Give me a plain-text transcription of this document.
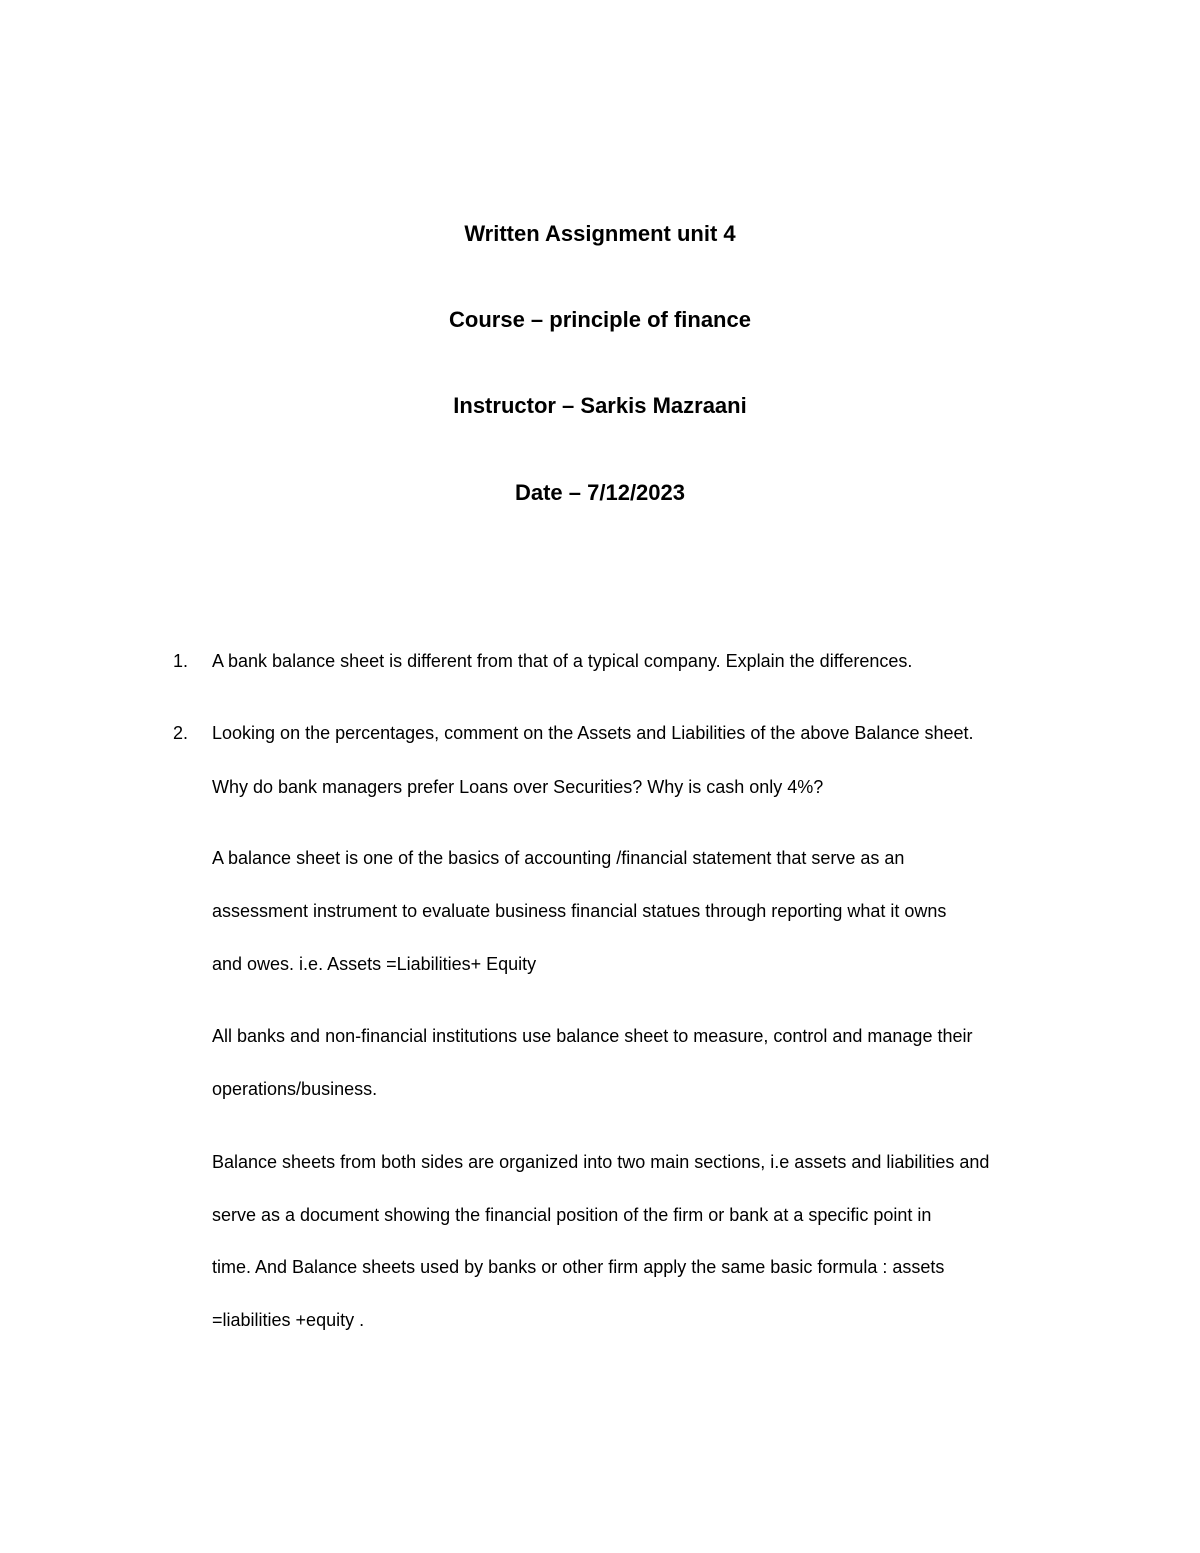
Written Assignment unit 4

Course – principle of finance

Instructor – Sarkis Mazraani

Date – 7/12/2023

1. A bank balance sheet is different from that of a typical company. Explain the differences.
2. Looking on the percentages, comment on the Assets and Liabilities of the above Balance sheet.
Why do bank managers prefer Loans over Securities? Why is cash only 4%?
A balance sheet is one of the basics of accounting /financial statement that serve as an
assessment instrument to evaluate business financial statues through reporting what it owns
and owes. i.e. Assets =Liabilities+ Equity
All banks and non-financial institutions use balance sheet to measure, control and manage their
operations/business.
Balance sheets from both sides are organized into two main sections, i.e assets and liabilities and
serve as a document showing the financial position of the firm or bank at a specific point in
time. And Balance sheets used by banks or other firm apply the same basic formula : assets
=liabilities +equity .
